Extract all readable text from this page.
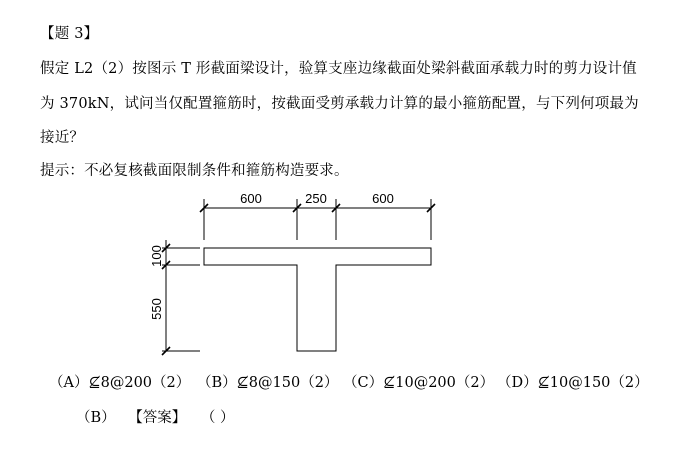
【题 3】
假定 L2（2）按图示 T 形截面梁设计，验算支座边缘截面处梁斜截面承载力时的剪力设计值
为 370kN，试问当仅配置箍筋时，按截面受剪承载力计算的最小箍筋配置，与下列何项最为
接近？
提示：不必复核截面限制条件和箍筋构造要求。
600	250	600
100
550
（A）⊈8@200（2） （B）⊈8@150（2） （C）⊈10@200（2） （D）⊈10@150（2）
（B） 【答案】 （ ）
